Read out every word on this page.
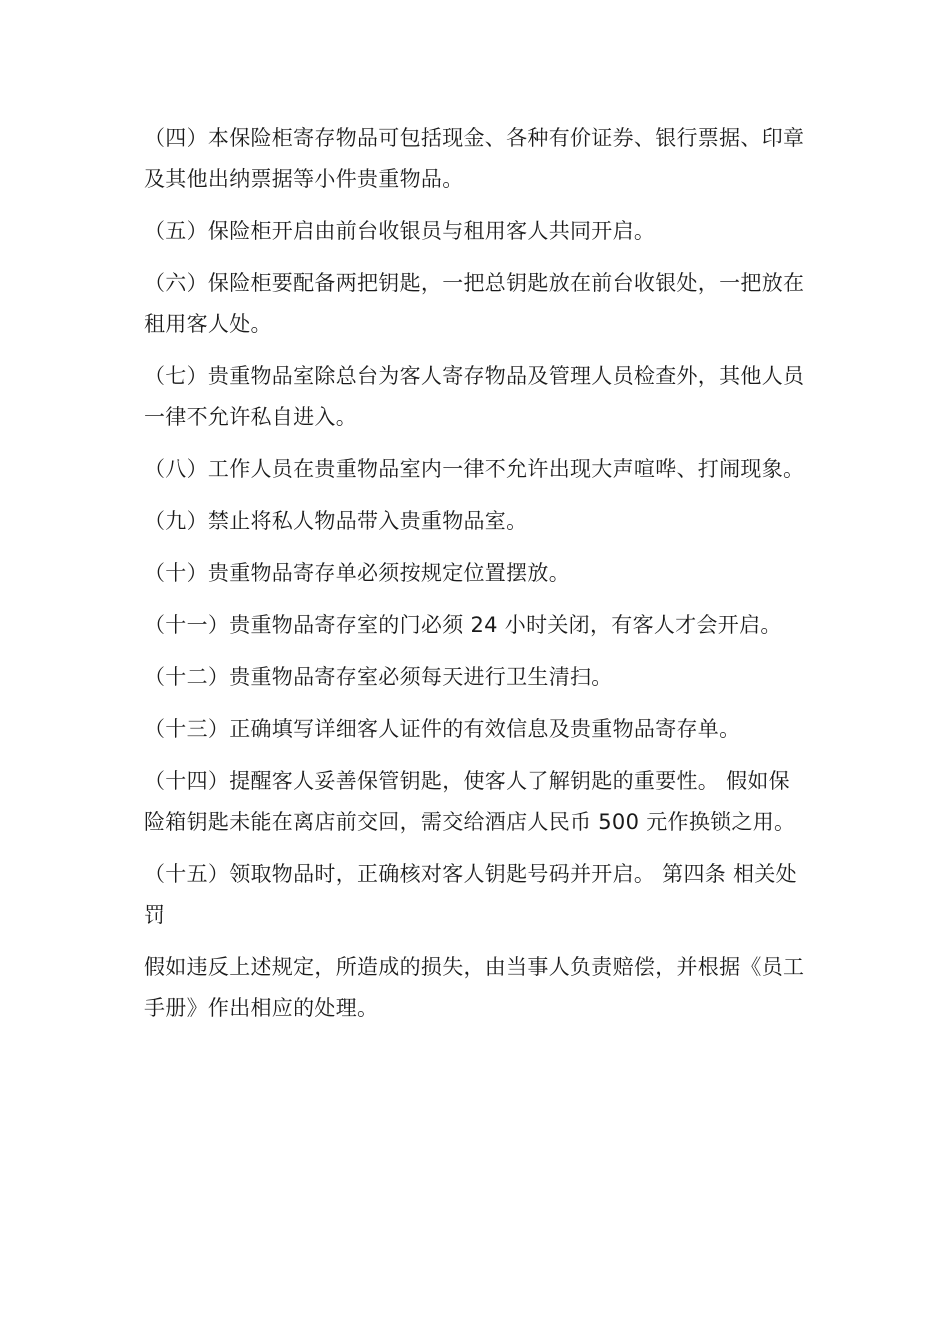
（四）本保险柜寄存物品可包括现金、各种有价证券、银行票据、印章及其他出纳票据等小件贵重物品。

（五）保险柜开启由前台收银员与租用客人共同开启。

（六）保险柜要配备两把钥匙，一把总钥匙放在前台收银处，一把放在租用客人处。

（七）贵重物品室除总台为客人寄存物品及管理人员检查外，其他人员一律不允许私自进入。

（八）工作人员在贵重物品室内一律不允许出现大声喧哗、打闹现象。

（九）禁止将私人物品带入贵重物品室。

（十）贵重物品寄存单必须按规定位置摆放。

（十一）贵重物品寄存室的门必须 24 小时关闭，有客人才会开启。

（十二）贵重物品寄存室必须每天进行卫生清扫。

（十三）正确填写详细客人证件的有效信息及贵重物品寄存单。

（十四）提醒客人妥善保管钥匙，使客人了解钥匙的重要性。 假如保险箱钥匙未能在离店前交回，需交给酒店人民币 500 元作换锁之用。

（十五）领取物品时，正确核对客人钥匙号码并开启。 第四条 相关处罚

假如违反上述规定，所造成的损失，由当事人负责赔偿，并根据《员工手册》作出相应的处理。
